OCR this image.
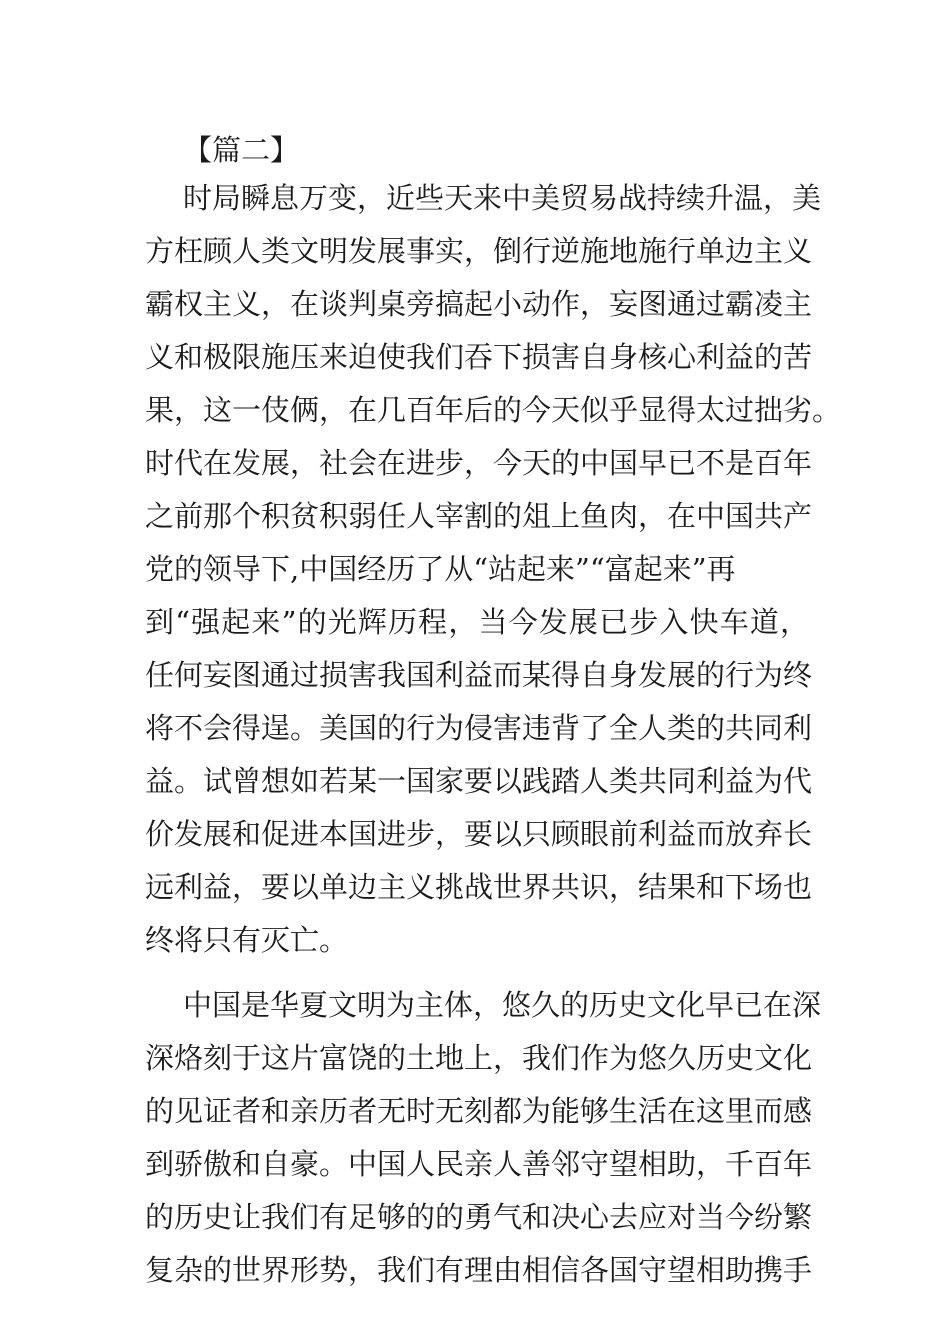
【篇二】
时局瞬息万变，近些天来中美贸易战持续升温，美
方枉顾人类文明发展事实，倒行逆施地施行单边主义
霸权主义，在谈判桌旁搞起小动作，妄图通过霸凌主
义和极限施压来迫使我们吞下损害自身核心利益的苦
果，这一伎俩，在几百年后的今天似乎显得太过拙劣。
时代在发展，社会在进步，今天的中国早已不是百年
之前那个积贫积弱任人宰割的俎上鱼肉，在中国共产
党的领导下,中国经历了从“站起来”“富起来”再
到“强起来”的光辉历程，当今发展已步入快车道，
任何妄图通过损害我国利益而某得自身发展的行为终
将不会得逞。美国的行为侵害违背了全人类的共同利
益。试曾想如若某一国家要以践踏人类共同利益为代
价发展和促进本国进步，要以只顾眼前利益而放弃长
远利益，要以单边主义挑战世界共识，结果和下场也
终将只有灭亡。
中国是华夏文明为主体，悠久的历史文化早已在深
深烙刻于这片富饶的土地上，我们作为悠久历史文化
的见证者和亲历者无时无刻都为能够生活在这里而感
到骄傲和自豪。中国人民亲人善邻守望相助，千百年
的历史让我们有足够的的勇气和决心去应对当今纷繁
复杂的世界形势，我们有理由相信各国守望相助携手
